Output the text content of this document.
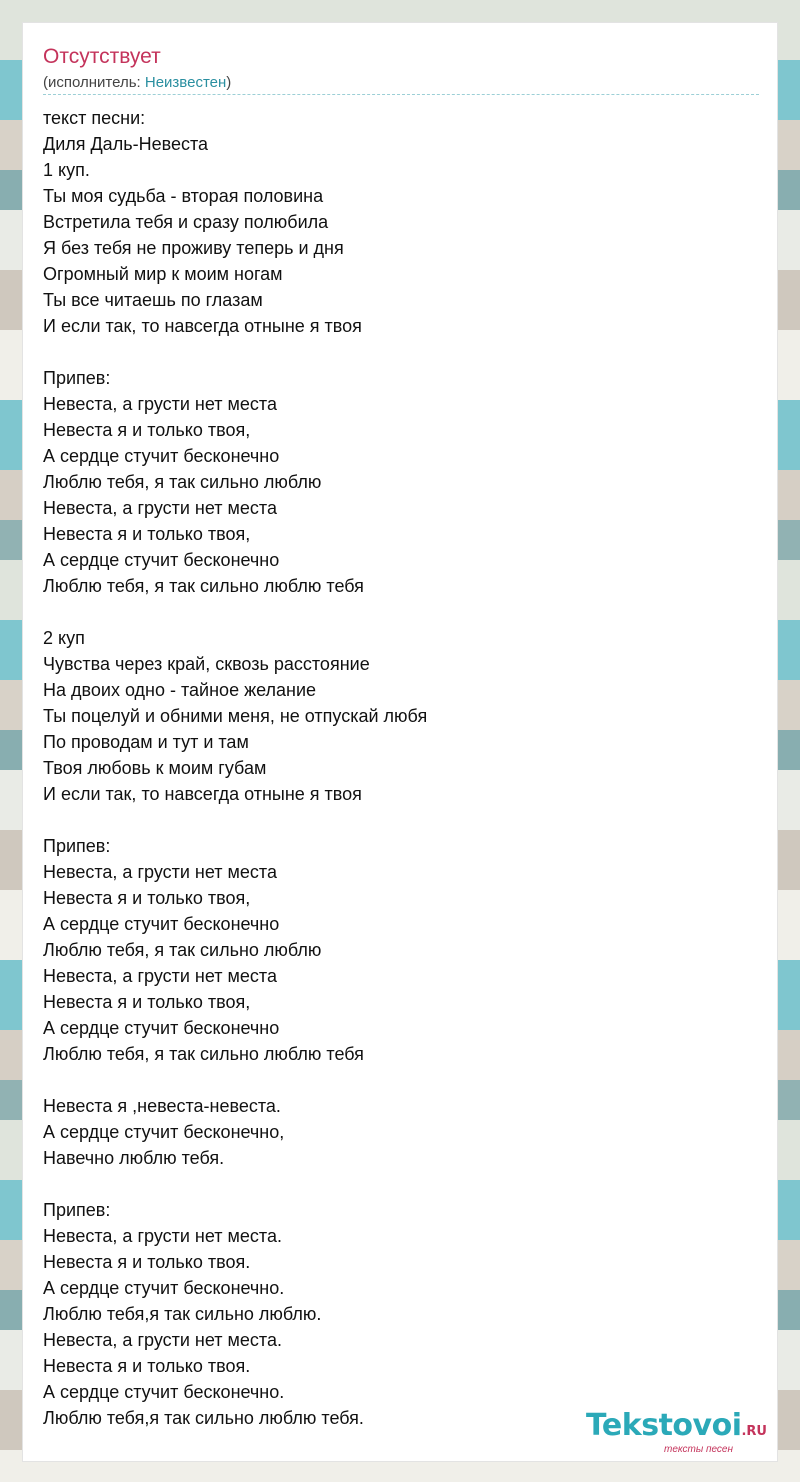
Отсутствует
(исполнитель: Неизвестен)
текст песни:
Диля Даль-Невеста
1 куп.
Ты моя судьба - вторая половина
Встретила тебя и сразу полюбила
Я без тебя не проживу теперь и дня
Огромный мир к моим ногам
Ты все читаешь по глазам
И если так, то навсегда отныне я твоя
Припев:
Невеста, а грусти нет места
Невеста я и только твоя,
А сердце стучит бесконечно
Люблю тебя, я так сильно люблю
Невеста, а грусти нет места
Невеста я и только твоя,
А сердце стучит бесконечно
Люблю тебя, я так сильно люблю тебя
2 куп
Чувства через край, сквозь расстояние
На двоих одно - тайное желание
Ты поцелуй и обними меня, не отпускай любя
По проводам и тут и там
Твоя любовь к моим губам
И если так, то навсегда отныне я твоя
Припев:
Невеста, а грусти нет места
Невеста я и только твоя,
А сердце стучит бесконечно
Люблю тебя, я так сильно люблю
Невеста, а грусти нет места
Невеста я и только твоя,
А сердце стучит бесконечно
Люблю тебя, я так сильно люблю тебя
Невеста я ,невеста-невеста.
А сердце стучит бесконечно,
Навечно люблю тебя.
Припев:
Невеста, а грусти нет места.
Невеста я и только твоя.
А сердце стучит бесконечно.
Люблю тебя,я так сильно люблю.
Невеста, а грусти нет места.
Невеста я и только твоя.
А сердце стучит бесконечно.
Люблю тебя,я так сильно люблю тебя.	Tekstovoi.RU
тексты песен
